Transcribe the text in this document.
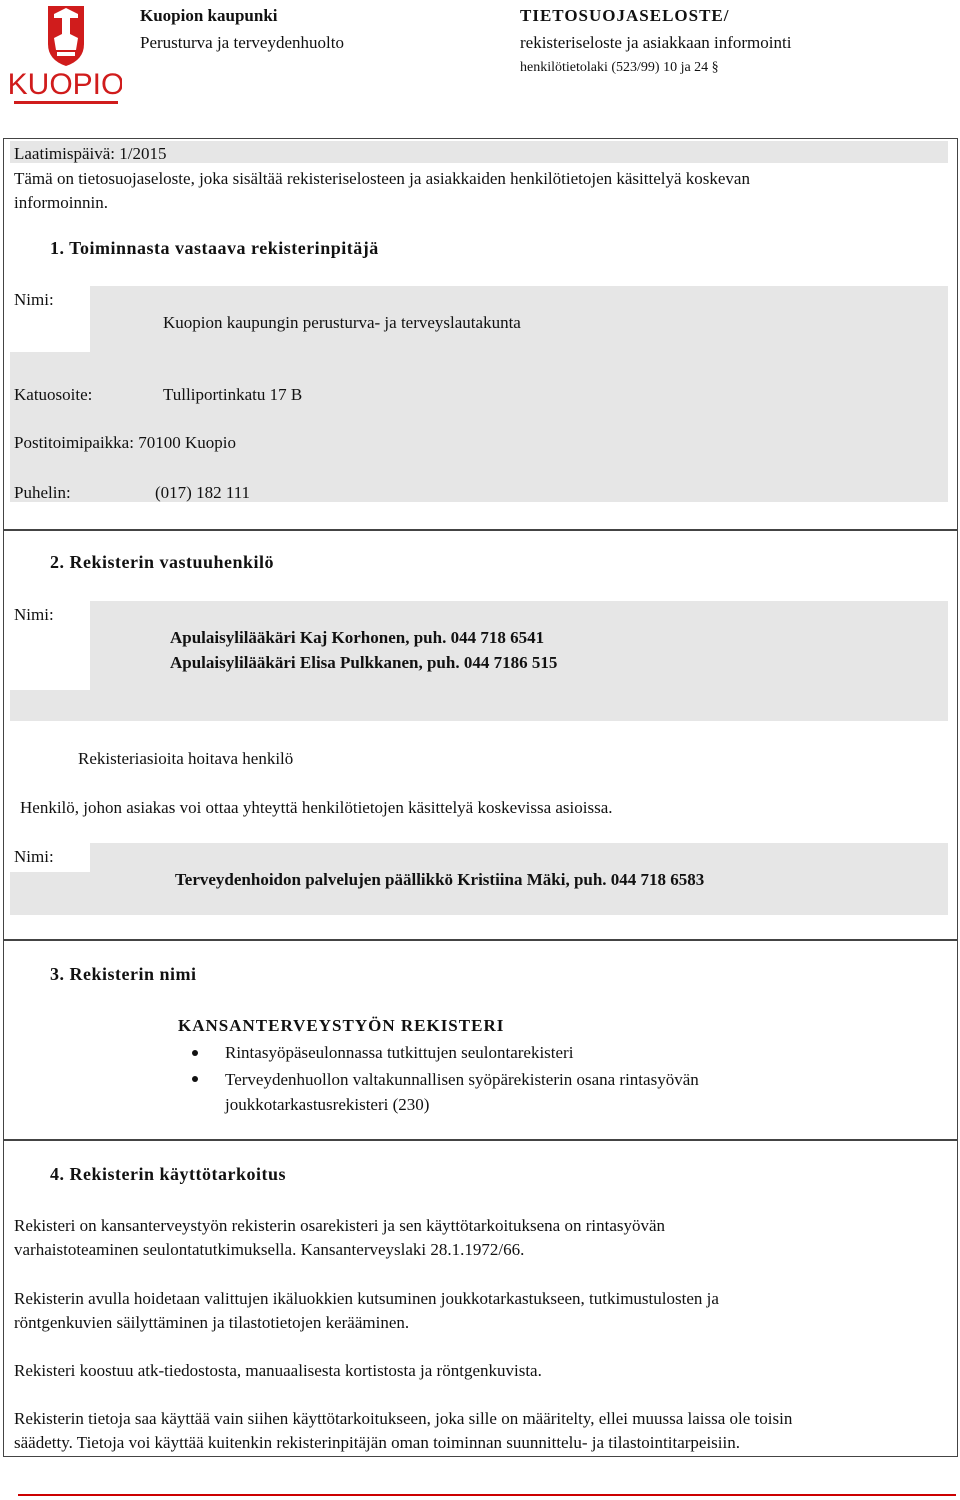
KUOPIO
Kuopion kaupunki
Perusturva ja terveydenhuolto
TIETOSUOJASELOSTE/
rekisteriseloste ja asiakkaan informointi
henkilötietolaki (523/99) 10 ja 24 §
Laatimispäivä: 1/2015
Tämä on tietosuojaseloste, joka sisältää rekisteriselosteen ja asiakkaiden henkilötietojen käsittelyä koskevan
informoinnin.
1. Toiminnasta vastaava rekisterinpitäjä
Nimi:
Kuopion kaupungin perusturva- ja terveyslautakunta
Katuosoite:	Tulliportinkatu 17 B
Postitoimipaikka: 70100 Kuopio
Puhelin:	(017) 182 111
2. Rekisterin vastuuhenkilö
Nimi:
Apulaisylilääkäri Kaj Korhonen, puh. 044 718 6541
Apulaisylilääkäri Elisa Pulkkanen, puh. 044 7186 515
Rekisteriasioita hoitava henkilö
Henkilö, johon asiakas voi ottaa yhteyttä henkilötietojen käsittelyä koskevissa asioissa.
Nimi:
Terveydenhoidon palvelujen päällikkö Kristiina Mäki, puh. 044 718 6583
3. Rekisterin nimi
KANSANTERVEYSTYÖN REKISTERI
Rintasyöpäseulonnassa tutkittujen seulontarekisteri
Terveydenhuollon valtakunnallisen syöpärekisterin osana rintasyövän
joukkotarkastusrekisteri (230)
4. Rekisterin käyttötarkoitus
Rekisteri on kansanterveystyön rekisterin osarekisteri ja sen käyttötarkoituksena on rintasyövän
varhaistoteaminen seulontatutkimuksella. Kansanterveyslaki 28.1.1972/66.
Rekisterin avulla hoidetaan valittujen ikäluokkien kutsuminen joukkotarkastukseen, tutkimustulosten ja
röntgenkuvien säilyttäminen ja tilastotietojen kerääminen.
Rekisteri koostuu atk-tiedostosta, manuaalisesta kortistosta ja röntgenkuvista.
Rekisterin tietoja saa käyttää vain siihen käyttötarkoitukseen, joka sille on määritelty, ellei muussa laissa ole toisin
säädetty. Tietoja voi käyttää kuitenkin rekisterinpitäjän oman toiminnan suunnittelu- ja tilastointitarpeisiin.
